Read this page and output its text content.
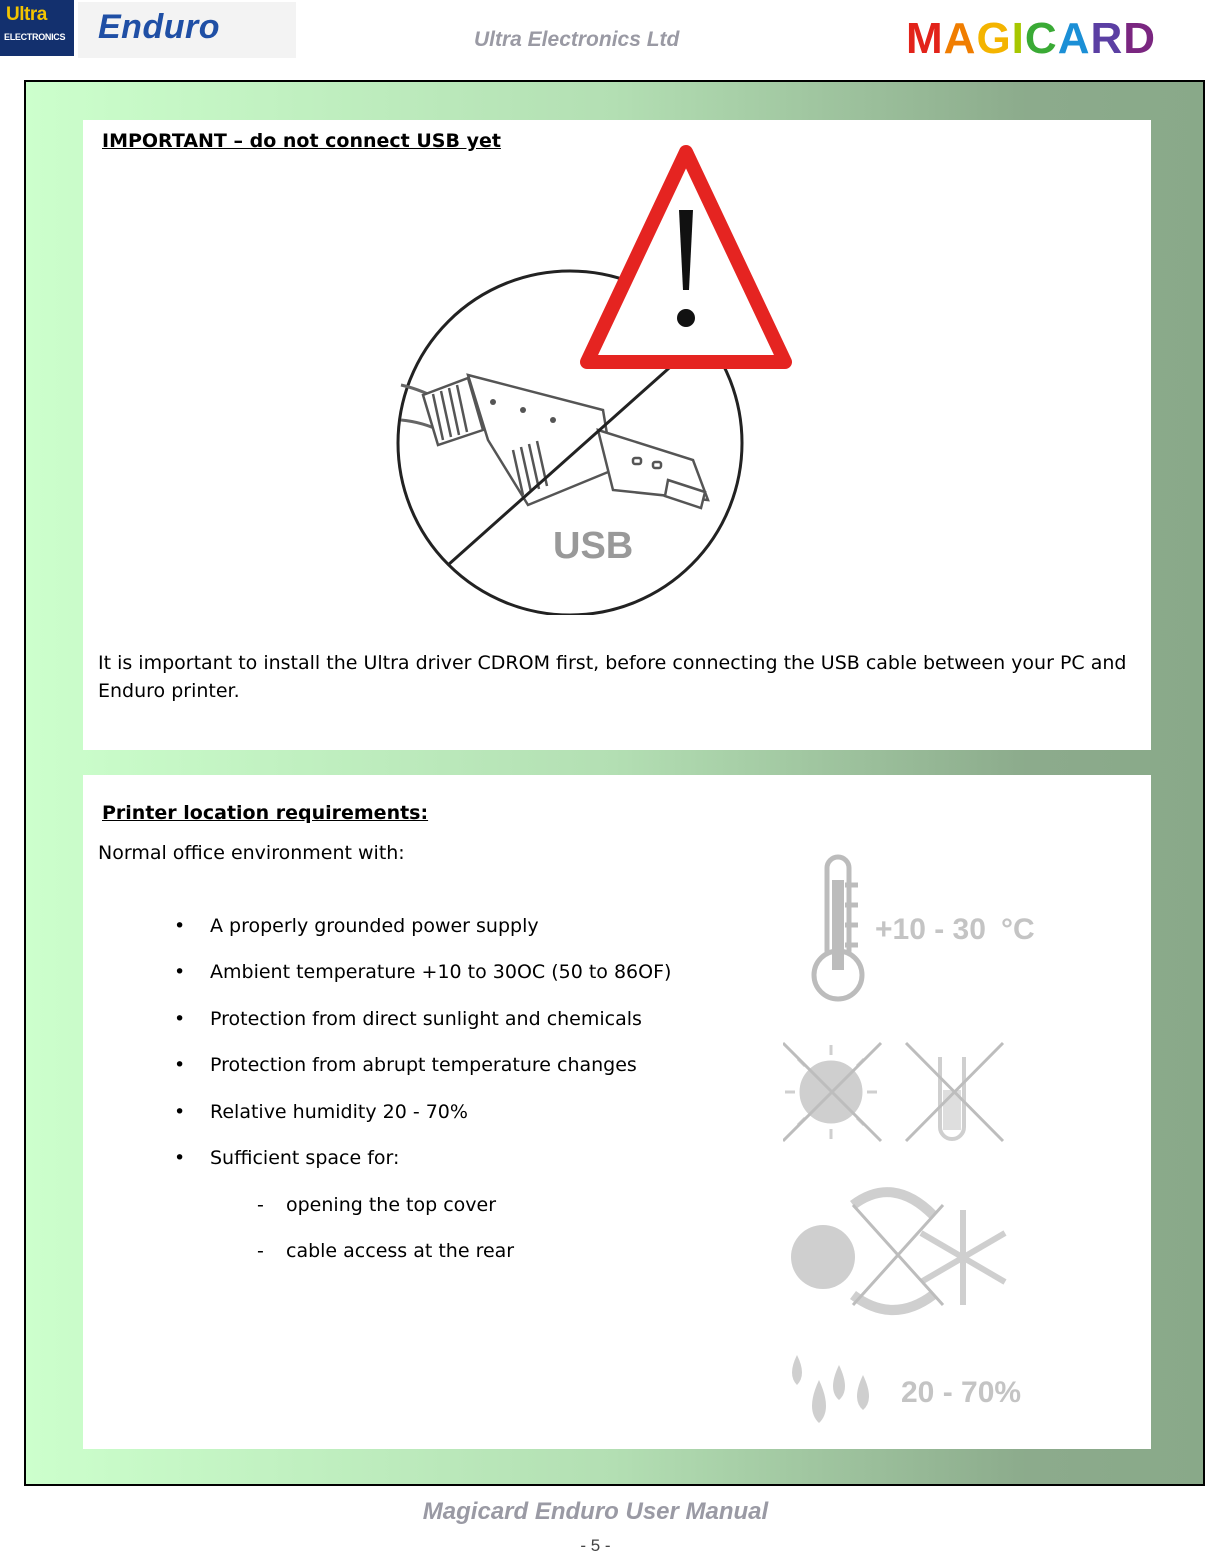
Ultra
ELECTRONICS Enduro	Ultra Electronics Ltd	MAGICARD
IMPORTANT – do not connect USB yet
USB
It is important to install the Ultra driver CDROM first, before connecting the USB cable between your PC and Enduro printer.
Printer location requirements:
Normal office environment with:
• A properly grounded power supply
• Ambient temperature +10 to 30OC (50 to 86OF)
• Protection from direct sunlight and chemicals
• Protection from abrupt temperature changes
• Relative humidity 20 - 70%
• Sufficient space for:
- opening the top cover
- cable access at the rear
+10 - 30 °C
20 - 70%
Magicard Enduro User Manual
- 5 -
